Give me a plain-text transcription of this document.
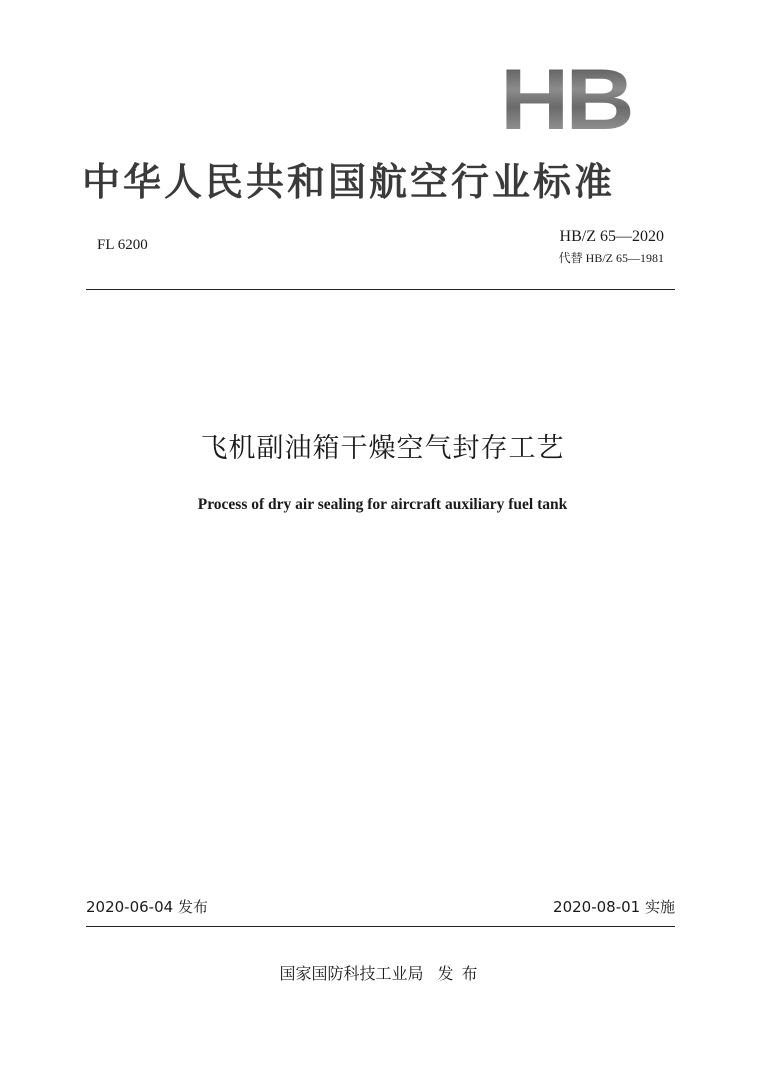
HB
中华人民共和国航空行业标准
FL 6200	HB/Z 65—2020
代替 HB/Z 65—1981
飞机副油箱干燥空气封存工艺
Process of dry air sealing for aircraft auxiliary fuel tank
2020-06-04 发布	2020-08-01 实施
国家国防科技工业局 发布
